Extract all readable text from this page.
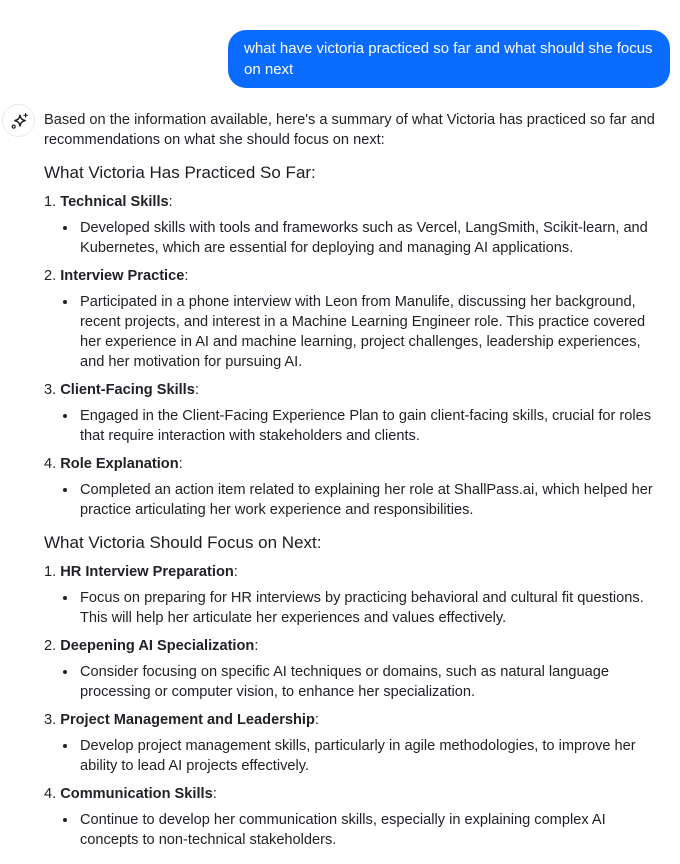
what have victoria practiced so far and what should she focus on next

Based on the information available, here's a summary of what Victoria has practiced so far and recommendations on what she should focus on next:

What Victoria Has Practiced So Far:
1. Technical Skills:
• Developed skills with tools and frameworks such as Vercel, LangSmith, Scikit-learn, and Kubernetes, which are essential for deploying and managing AI applications.
2. Interview Practice:
• Participated in a phone interview with Leon from Manulife, discussing her background, recent projects, and interest in a Machine Learning Engineer role. This practice covered her experience in AI and machine learning, project challenges, leadership experiences, and her motivation for pursuing AI.
3. Client-Facing Skills:
• Engaged in the Client-Facing Experience Plan to gain client-facing skills, crucial for roles that require interaction with stakeholders and clients.
4. Role Explanation:
• Completed an action item related to explaining her role at ShallPass.ai, which helped her practice articulating her work experience and responsibilities.
What Victoria Should Focus on Next:
1. HR Interview Preparation:
• Focus on preparing for HR interviews by practicing behavioral and cultural fit questions. This will help her articulate her experiences and values effectively.
2. Deepening AI Specialization:
• Consider focusing on specific AI techniques or domains, such as natural language processing or computer vision, to enhance her specialization.
3. Project Management and Leadership:
• Develop project management skills, particularly in agile methodologies, to improve her ability to lead AI projects effectively.
4. Communication Skills:
• Continue to develop her communication skills, especially in explaining complex AI concepts to non-technical stakeholders.
